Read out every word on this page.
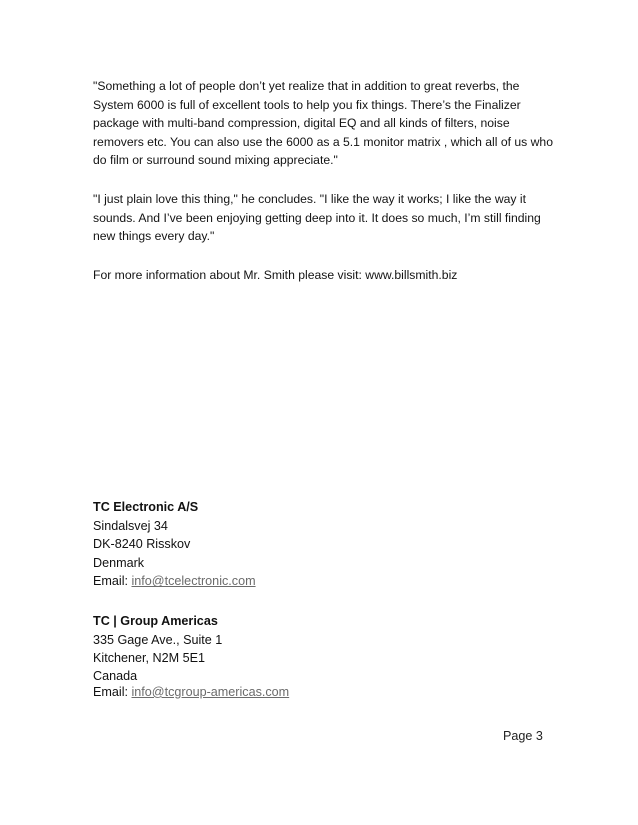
"Something a lot of people don’t yet realize that in addition to great reverbs, the System 6000 is full of excellent tools to help you fix things. There’s the Finalizer package with multi-band compression, digital EQ and all kinds of filters, noise removers etc. You can also use the 6000 as a 5.1 monitor matrix , which all of us who do film or surround sound mixing appreciate."

"I just plain love this thing," he concludes. "I like the way it works; I like the way it sounds. And I’ve been enjoying getting deep into it. It does so much, I’m still finding new things every day."

For more information about Mr. Smith please visit: www.billsmith.biz

TC Electronic A/S
Sindalsvej 34
DK-8240 Risskov
Denmark
Email: info@tcelectronic.com
TC | Group Americas
335 Gage Ave., Suite 1
Kitchener, N2M 5E1
Canada
Email: info@tcgroup-americas.com
Page 3
